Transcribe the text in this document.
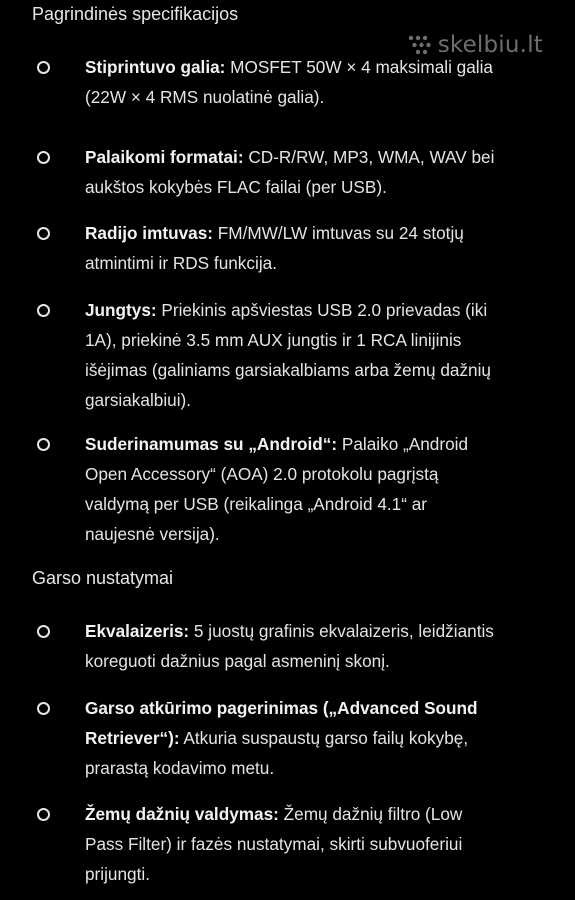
skelbiu.lt
Pagrindinės specifikacijos

Stiprintuvo galia: MOSFET 50W × 4 maksimali galia
(22W × 4 RMS nuolatinė galia).

Palaikomi formatai: CD-R/RW, MP3, WMA, WAV bei
aukštos kokybės FLAC failai (per USB).

Radijo imtuvas: FM/MW/LW imtuvas su 24 stotjų
atmintimi ir RDS funkcija.

Jungtys: Priekinis apšviestas USB 2.0 prievadas (iki
1A), priekinė 3.5 mm AUX jungtis ir 1 RCA linijinis
išėjimas (galiniams garsiakalbiams arba žemų dažnių
garsiakalbiui).

Suderinamumas su „Android“: Palaiko „Android
Open Accessory“ (AOA) 2.0 protokolu pagrįstą
valdymą per USB (reikalinga „Android 4.1“ ar
naujesnė versija).

Garso nustatymai

Ekvalaizeris: 5 juostų grafinis ekvalaizeris, leidžiantis
koreguoti dažnius pagal asmeninį skonį.

Garso atkūrimo pagerinimas („Advanced Sound
Retriever“): Atkuria suspaustų garso failų kokybę,
prarastą kodavimo metu.

Žemų dažnių valdymas: Žemų dažnių filtro (Low
Pass Filter) ir fazės nustatymai, skirti subvuoferiui
prijungti.
